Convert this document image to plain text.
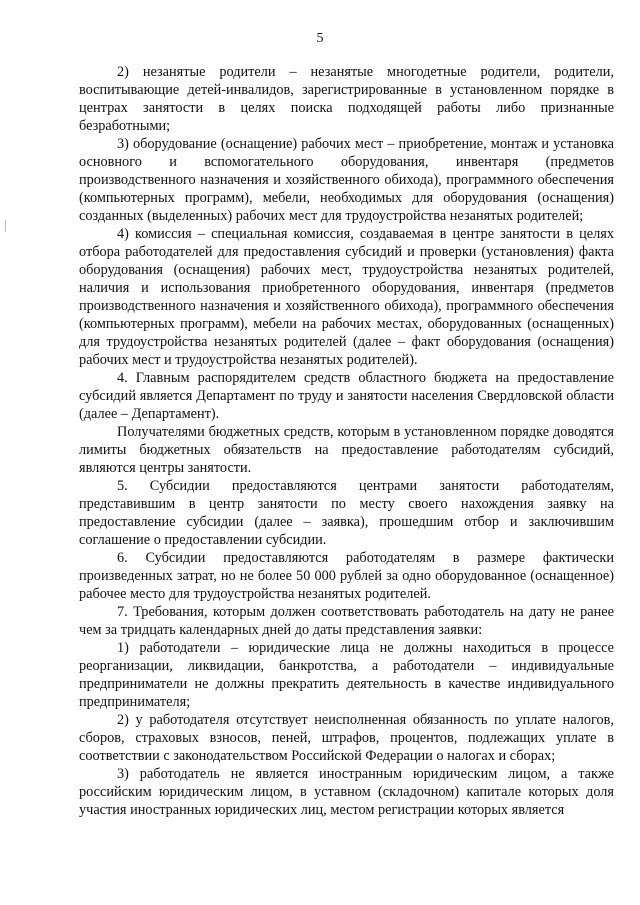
5

2) незанятые родители – незанятые многодетные родители, родители, воспитывающие детей-инвалидов, зарегистрированные в установленном порядке в центрах занятости в целях поиска подходящей работы либо признанные безработными;

3) оборудование (оснащение) рабочих мест – приобретение, монтаж и установка основного и вспомогательного оборудования, инвентаря (предметов производственного назначения и хозяйственного обихода), программного обеспечения (компьютерных программ), мебели, необходимых для оборудования (оснащения) созданных (выделенных) рабочих мест для трудоустройства незанятых родителей;

4) комиссия – специальная комиссия, создаваемая в центре занятости в целях отбора работодателей для предоставления субсидий и проверки (установления) факта оборудования (оснащения) рабочих мест, трудоустройства незанятых родителей, наличия и использования приобретенного оборудования, инвентаря (предметов производственного назначения и хозяйственного обихода), программного обеспечения (компьютерных программ), мебели на рабочих местах, оборудованных (оснащенных) для трудоустройства незанятых родителей (далее – факт оборудования (оснащения) рабочих мест и трудоустройства незанятых родителей).

4. Главным распорядителем средств областного бюджета на предоставление субсидий является Департамент по труду и занятости населения Свердловской области (далее – Департамент).

Получателями бюджетных средств, которым в установленном порядке доводятся лимиты бюджетных обязательств на предоставление работодателям субсидий, являются центры занятости.

5. Субсидии предоставляются центрами занятости работодателям, представившим в центр занятости по месту своего нахождения заявку на предоставление субсидии (далее – заявка), прошедшим отбор и заключившим соглашение о предоставлении субсидии.

6. Субсидии предоставляются работодателям в размере фактически произведенных затрат, но не более 50 000 рублей за одно оборудованное (оснащенное) рабочее место для трудоустройства незанятых родителей.

7. Требования, которым должен соответствовать работодатель на дату не ранее чем за тридцать календарных дней до даты представления заявки:

1) работодатели – юридические лица не должны находиться в процессе реорганизации, ликвидации, банкротства, а работодатели – индивидуальные предприниматели не должны прекратить деятельность в качестве индивидуального предпринимателя;

2) у работодателя отсутствует неисполненная обязанность по уплате налогов, сборов, страховых взносов, пеней, штрафов, процентов, подлежащих уплате в соответствии с законодательством Российской Федерации о налогах и сборах;

3) работодатель не является иностранным юридическим лицом, а также российским юридическим лицом, в уставном (складочном) капитале которых доля участия иностранных юридических лиц, местом регистрации которых является
